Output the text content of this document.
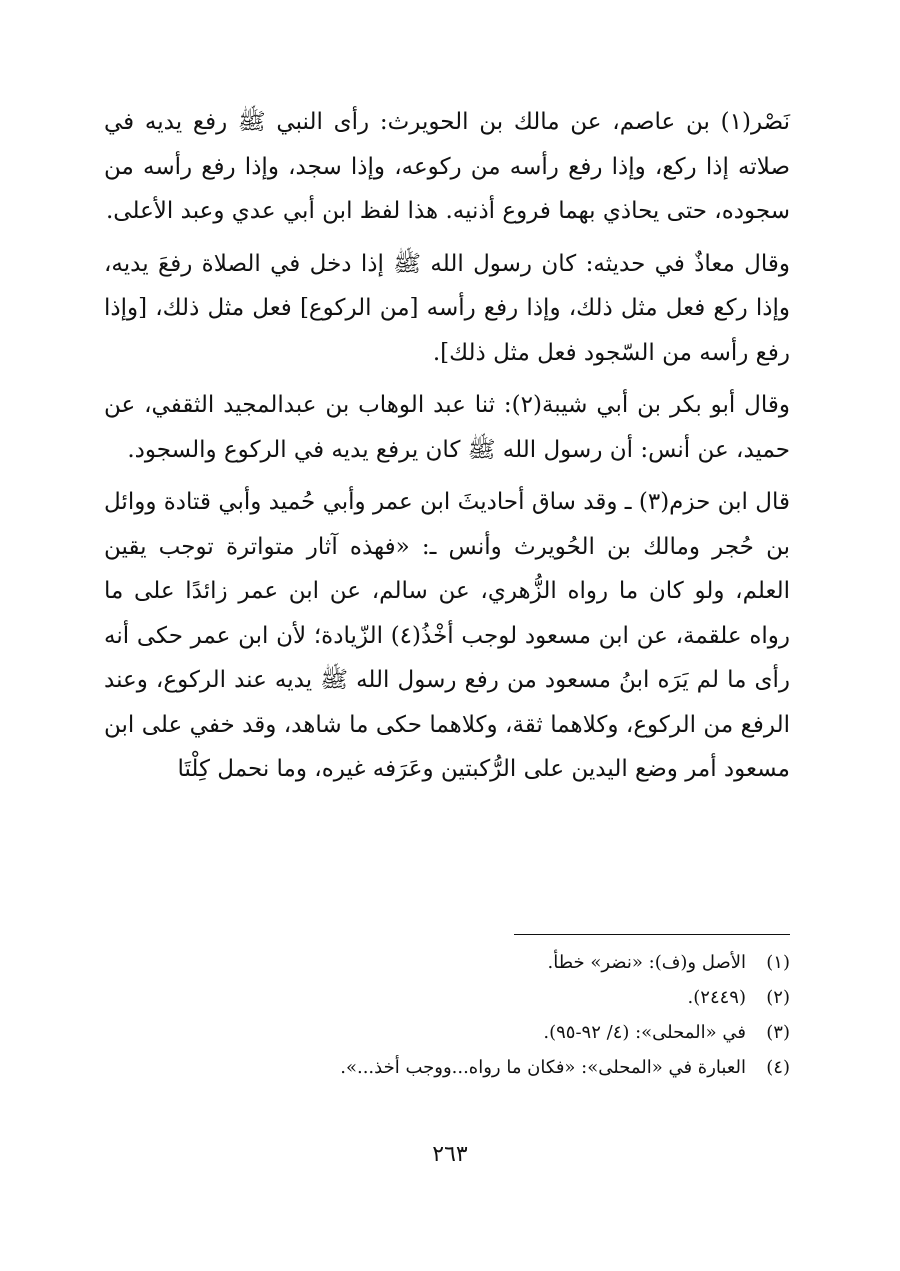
نَصْر(١) بن عاصم، عن مالك بن الحويرث: رأى النبي ﷺ رفع يديه في صلاته إذا ركع، وإذا رفع رأسه من ركوعه، وإذا سجد، وإذا رفع رأسه من سجوده، حتى يحاذي بهما فروع أذنيه. هذا لفظ ابن أبي عدي وعبد الأعلى.

وقال معاذٌ في حديثه: كان رسول الله ﷺ إذا دخل في الصلاة رفعَ يديه، وإذا ركع فعل مثل ذلك، وإذا رفع رأسه [من الركوع] فعل مثل ذلك، [وإذا رفع رأسه من السّجود فعل مثل ذلك].

وقال أبو بكر بن أبي شيبة(٢): ثنا عبد الوهاب بن عبدالمجيد الثقفي، عن حميد، عن أنس: أن رسول الله ﷺ كان يرفع يديه في الركوع والسجود.

قال ابن حزم(٣) ـ وقد ساق أحاديثَ ابن عمر وأبي حُميد وأبي قتادة ووائل بن حُجر ومالك بن الحُويرث وأنس ـ: «فهذه آثار متواترة توجب يقين العلم، ولو كان ما رواه الزُّهري، عن سالم، عن ابن عمر زائدًا على ما رواه علقمة، عن ابن مسعود لوجب أخْذُ(٤) الزّيادة؛ لأن ابن عمر حكى أنه رأى ما لم يَرَه ابنُ مسعود من رفع رسول الله ﷺ يديه عند الركوع، وعند الرفع من الركوع، وكلاهما ثقة، وكلاهما حكى ما شاهد، وقد خفي على ابن مسعود أمر وضع اليدين على الرُّكبتين وعَرَفه غيره، وما نحمل كِلْتَا

(١)الأصل و(ف): «نضر» خطأ.

(٢)(٢٤٤٩).

(٣)في «المحلى»: (٤/ ٩٢-٩٥).

(٤)العبارة في «المحلى»: «فكان ما رواه...ووجب أخذ...».

٢٦٣
